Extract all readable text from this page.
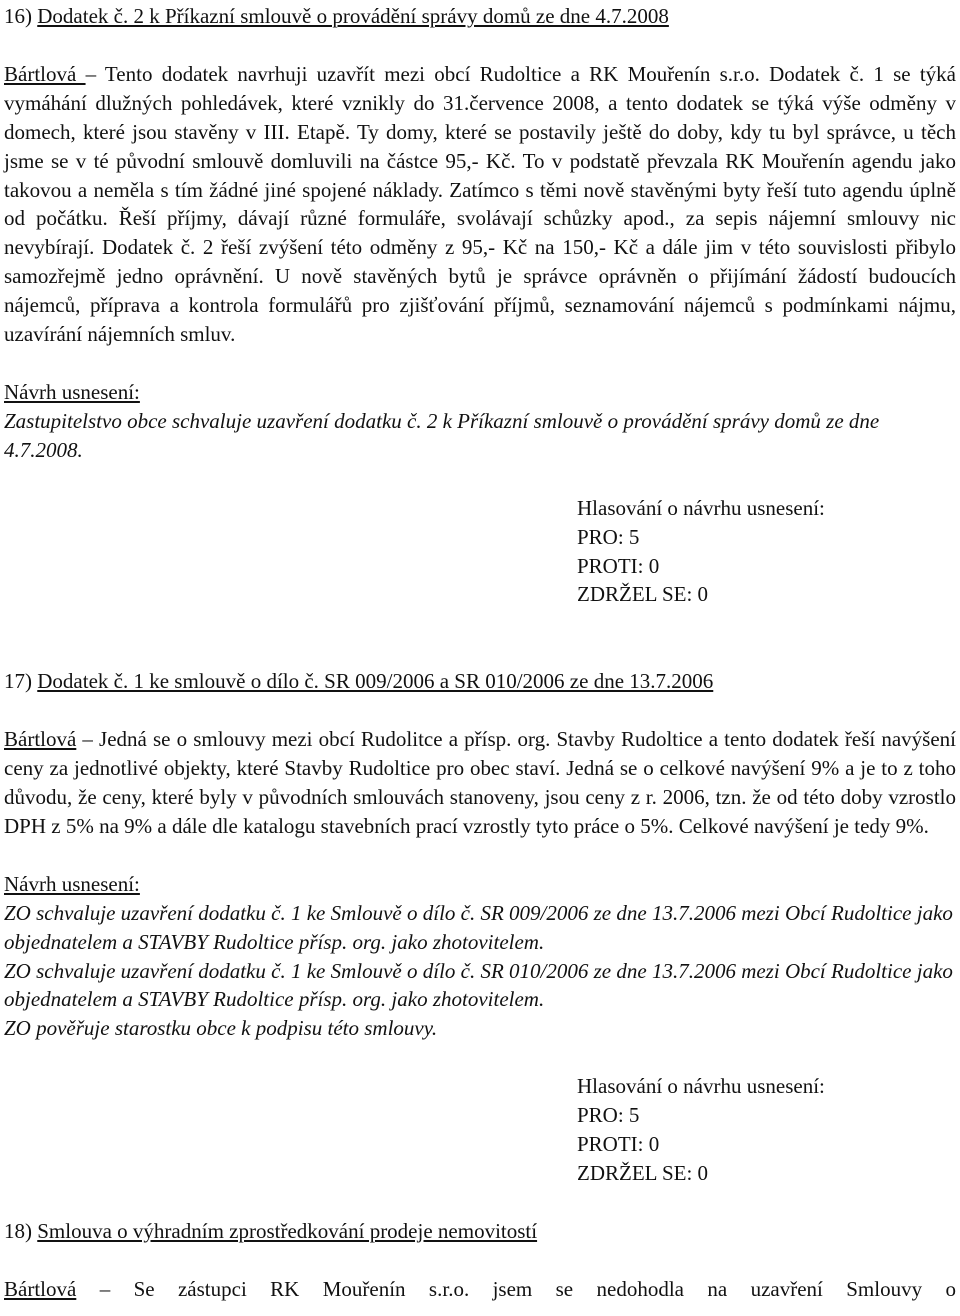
16) Dodatek č. 2 k Příkazní smlouvě o provádění správy domů ze dne 4.7.2008

Bártlová – Tento dodatek navrhuji uzavřít mezi obcí Rudoltice a RK Mouřenín s.r.o. Dodatek č. 1 se týká vymáhání dlužných pohledávek, které vznikly do 31.července 2008, a tento dodatek se týká výše odměny v domech, které jsou stavěny v III. Etapě. Ty domy, které se postavily ještě do doby, kdy tu byl správce, u těch jsme se v té původní smlouvě domluvili na částce 95,- Kč. To v podstatě převzala RK Mouřenín agendu jako takovou a neměla s tím žádné jiné spojené náklady. Zatímco s těmi nově stavěnými byty řeší tuto agendu úplně od počátku. Řeší příjmy, dávají různé formuláře, svolávají schůzky apod., za sepis nájemní smlouvy nic nevybírají. Dodatek č. 2 řeší zvýšení této odměny z 95,- Kč na 150,- Kč a dále jim v této souvislosti přibylo samozřejmě jedno oprávnění. U nově stavěných bytů je správce oprávněn o přijímání žádostí budoucích nájemců, příprava a kontrola formulářů pro zjišťování příjmů, seznamování nájemců s podmínkami nájmu, uzavírání nájemních smluv.

Návrh usnesení:

Zastupitelstvo obce schvaluje uzavření dodatku č. 2 k Příkazní smlouvě o provádění správy domů ze dne 4.7.2008.

Hlasování o návrhu usnesení:
PRO: 5
PROTI: 0
ZDRŽEL SE: 0

17) Dodatek č. 1 ke smlouvě o dílo č. SR 009/2006 a SR 010/2006 ze dne 13.7.2006

Bártlová – Jedná se o smlouvy mezi obcí Rudolitce a přísp. org. Stavby Rudoltice a tento dodatek řeší navýšení ceny za jednotlivé objekty, které Stavby Rudoltice pro obec staví. Jedná se o celkové navýšení 9% a je to z toho důvodu, že ceny, které byly v původních smlouvách stanoveny, jsou ceny z r. 2006, tzn. že od této doby vzrostlo DPH z 5% na 9% a dále dle katalogu stavebních prací vzrostly tyto práce o 5%. Celkové navýšení je tedy 9%.

Návrh usnesení:

ZO schvaluje uzavření dodatku č. 1 ke Smlouvě o dílo č. SR 009/2006 ze dne 13.7.2006 mezi Obcí Rudoltice jako objednatelem a STAVBY Rudoltice přísp. org. jako zhotovitelem.

ZO schvaluje uzavření dodatku č. 1 ke Smlouvě o dílo č. SR 010/2006 ze dne 13.7.2006 mezi Obcí Rudoltice jako objednatelem a STAVBY Rudoltice přísp. org. jako zhotovitelem.

ZO pověřuje starostku obce k podpisu této smlouvy.

Hlasování o návrhu usnesení:
PRO: 5
PROTI: 0
ZDRŽEL SE: 0

18) Smlouva o výhradním zprostředkování prodeje nemovitostí

Bártlová – Se zástupci RK Mouřenín s.r.o. jsem se nedohodla na uzavření Smlouvy o
